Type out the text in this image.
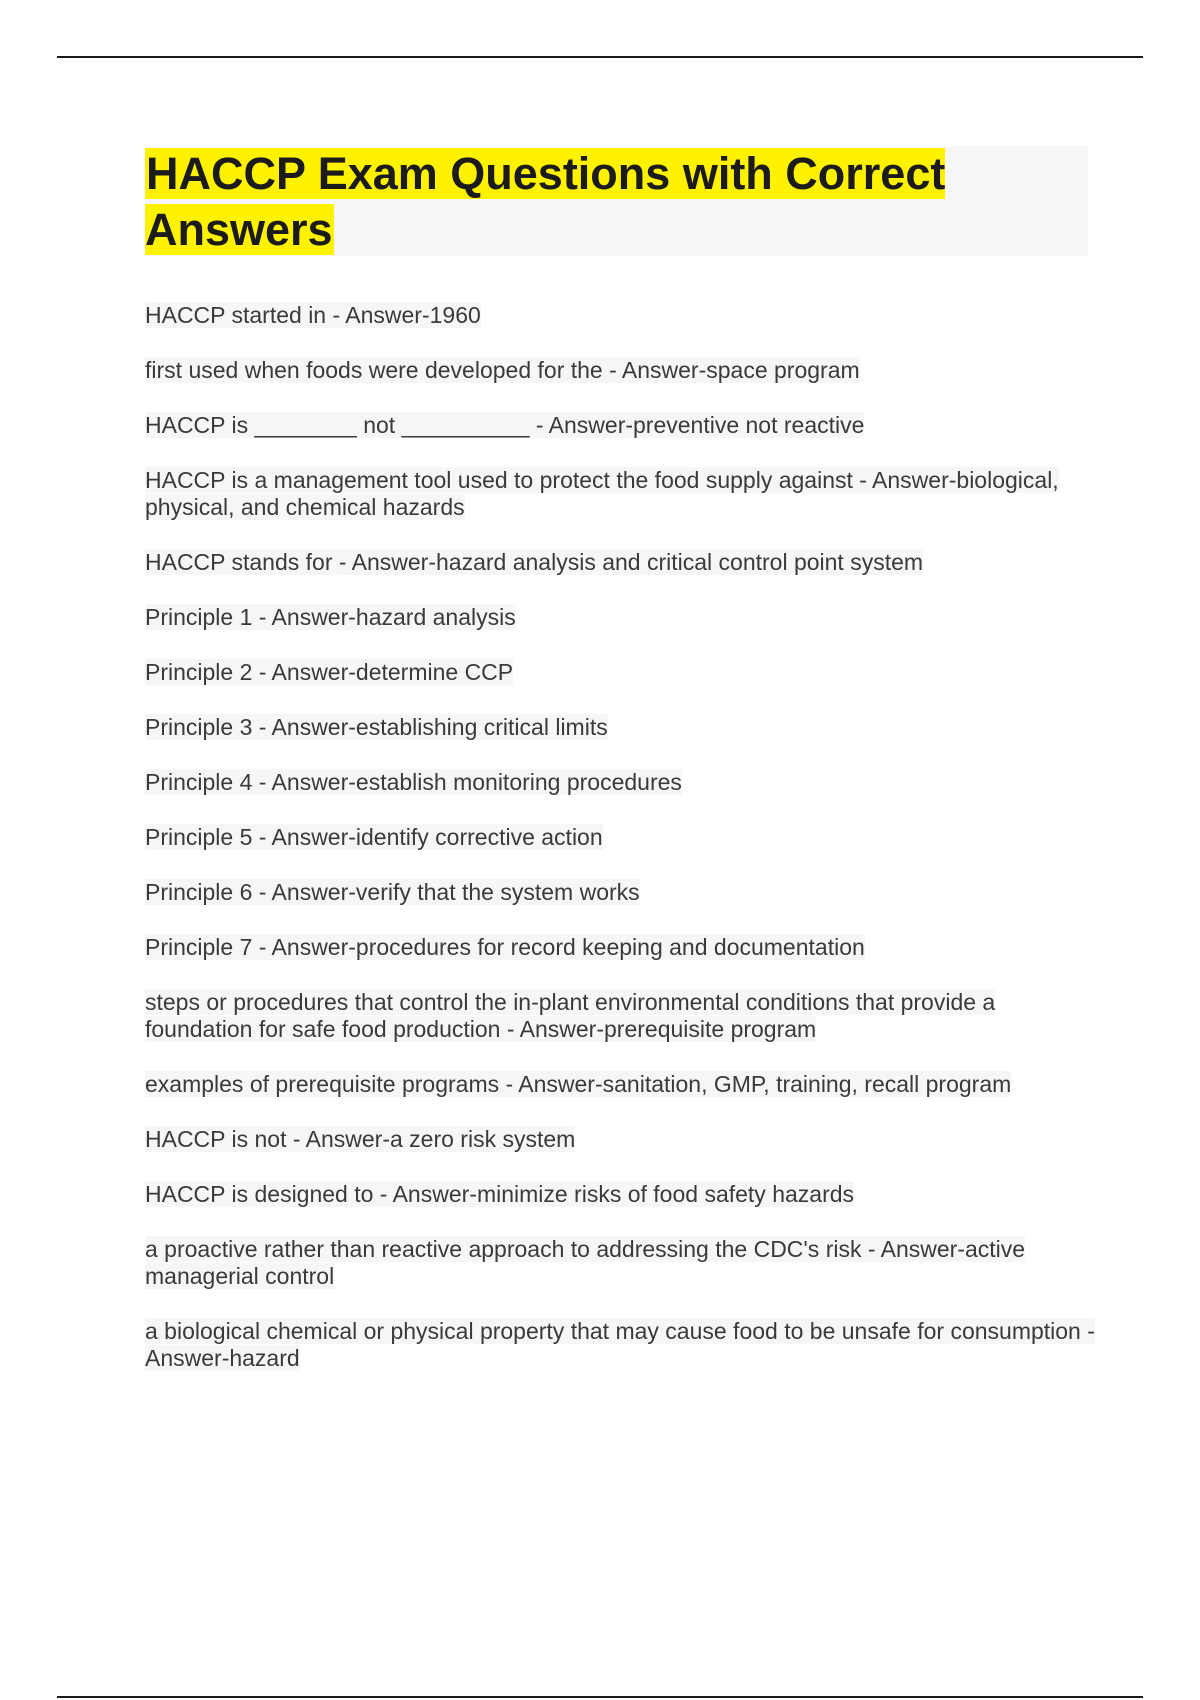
HACCP Exam Questions with Correct Answers
HACCP started in - Answer-1960
first used when foods were developed for the - Answer-space program
HACCP is ________ not __________ - Answer-preventive not reactive
HACCP is a management tool used to protect the food supply against - Answer-biological, physical, and chemical hazards
HACCP stands for - Answer-hazard analysis and critical control point system
Principle 1 - Answer-hazard analysis
Principle 2 - Answer-determine CCP
Principle 3 - Answer-establishing critical limits
Principle 4 - Answer-establish monitoring procedures
Principle 5 - Answer-identify corrective action
Principle 6 - Answer-verify that the system works
Principle 7 - Answer-procedures for record keeping and documentation
steps or procedures that control the in-plant environmental conditions that provide a foundation for safe food production - Answer-prerequisite program
examples of prerequisite programs - Answer-sanitation, GMP, training, recall program
HACCP is not - Answer-a zero risk system
HACCP is designed to - Answer-minimize risks of food safety hazards
a proactive rather than reactive approach to addressing the CDC's risk - Answer-active managerial control
a biological chemical or physical property that may cause food to be unsafe for consumption - Answer-hazard
